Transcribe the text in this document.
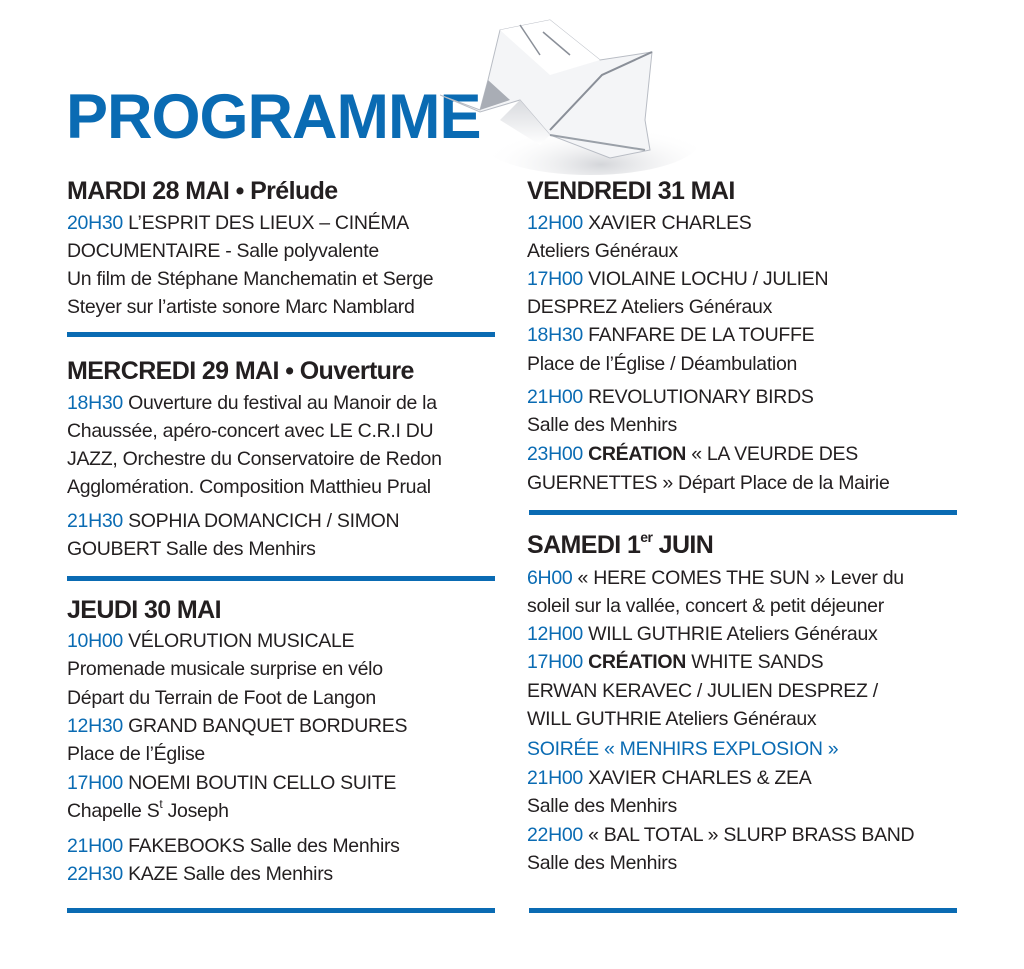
PROGRAMME
MARDI 28 MAI • Prélude
20H30 L’ESPRIT DES LIEUX – CINÉMA
DOCUMENTAIRE - Salle polyvalente
Un film de Stéphane Manchematin et Serge
Steyer sur l’artiste sonore Marc Namblard
MERCREDI 29 MAI • Ouverture
18H30 Ouverture du festival au Manoir de la
Chaussée, apéro-concert avec LE C.R.I DU
JAZZ, Orchestre du Conservatoire de Redon
Agglomération. Composition Matthieu Prual
21H30 SOPHIA DOMANCICH / SIMON
GOUBERT Salle des Menhirs
JEUDI 30 MAI
10H00 VÉLORUTION MUSICALE
Promenade musicale surprise en vélo
Départ du Terrain de Foot de Langon
12H30 GRAND BANQUET BORDURES
Place de l’Église
17H00 NOEMI BOUTIN CELLO SUITE
Chapelle $S^t$ Joseph
21H00 FAKEBOOKS Salle des Menhirs
22H30 KAZE Salle des Menhirs
VENDREDI 31 MAI
12H00 XAVIER CHARLES
Ateliers Généraux
17H00 VIOLAINE LOCHU / JULIEN
DESPREZ Ateliers Généraux
18H30 FANFARE DE LA TOUFFE
Place de l’Église / Déambulation
21H00 REVOLUTIONARY BIRDS
Salle des Menhirs
23H00 CRÉATION « LA VEURDE DES
GUERNETTES » Départ Place de la Mairie
SAMEDI 1er JUIN
6H00 « HERE COMES THE SUN » Lever du
soleil sur la vallée, concert & petit déjeuner
12H00 WILL GUTHRIE Ateliers Généraux
17H00 CRÉATION WHITE SANDS
ERWAN KERAVEC / JULIEN DESPREZ /
WILL GUTHRIE Ateliers Généraux
SOIRÉE « MENHIRS EXPLOSION »
21H00 XAVIER CHARLES & ZEA
Salle des Menhirs
22H00 « BAL TOTAL » SLURP BRASS BAND
Salle des Menhirs
